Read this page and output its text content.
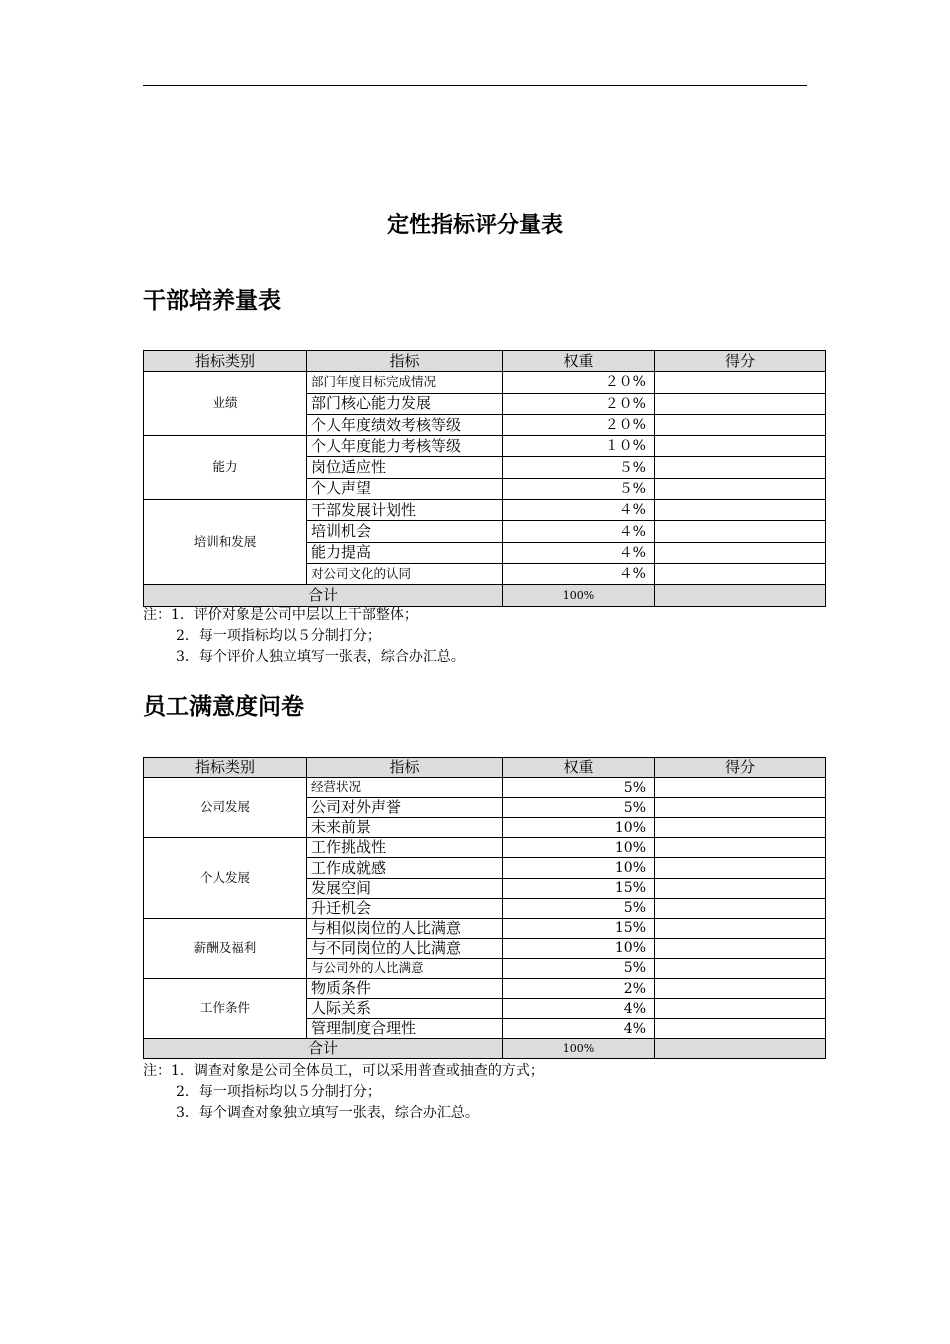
定性指标评分量表
干部培养量表
指标类别	指标	权重	得分
业绩	部门年度目标完成情况	２０%	
	部门核心能力发展	２０%	
	个人年度绩效考核等级	２０%	
能力	个人年度能力考核等级	１０%	
	岗位适应性	５%	
	个人声望	５%	
培训和发展	干部发展计划性	４%	
	培训机会	４%	
	能力提高	４%	
	对公司文化的认同	４%	
合计		100%	
注：1．评价对象是公司中层以上干部整体；
2．每一项指标均以５分制打分；
3．每个评价人独立填写一张表，综合办汇总。
员工满意度问卷
指标类别	指标	权重	得分
公司发展	经营状况	5%	
	公司对外声誉	5%	
	未来前景	10%	
个人发展	工作挑战性	10%	
	工作成就感	10%	
	发展空间	15%	
	升迁机会	5%	
薪酬及福利	与相似岗位的人比满意	15%	
	与不同岗位的人比满意	10%	
	与公司外的人比满意	5%	
工作条件	物质条件	2%	
	人际关系	4%	
	管理制度合理性	4%	
合计		100%	
注：1．调查对象是公司全体员工，可以采用普查或抽查的方式；
2．每一项指标均以５分制打分；
3．每个调查对象独立填写一张表，综合办汇总。
